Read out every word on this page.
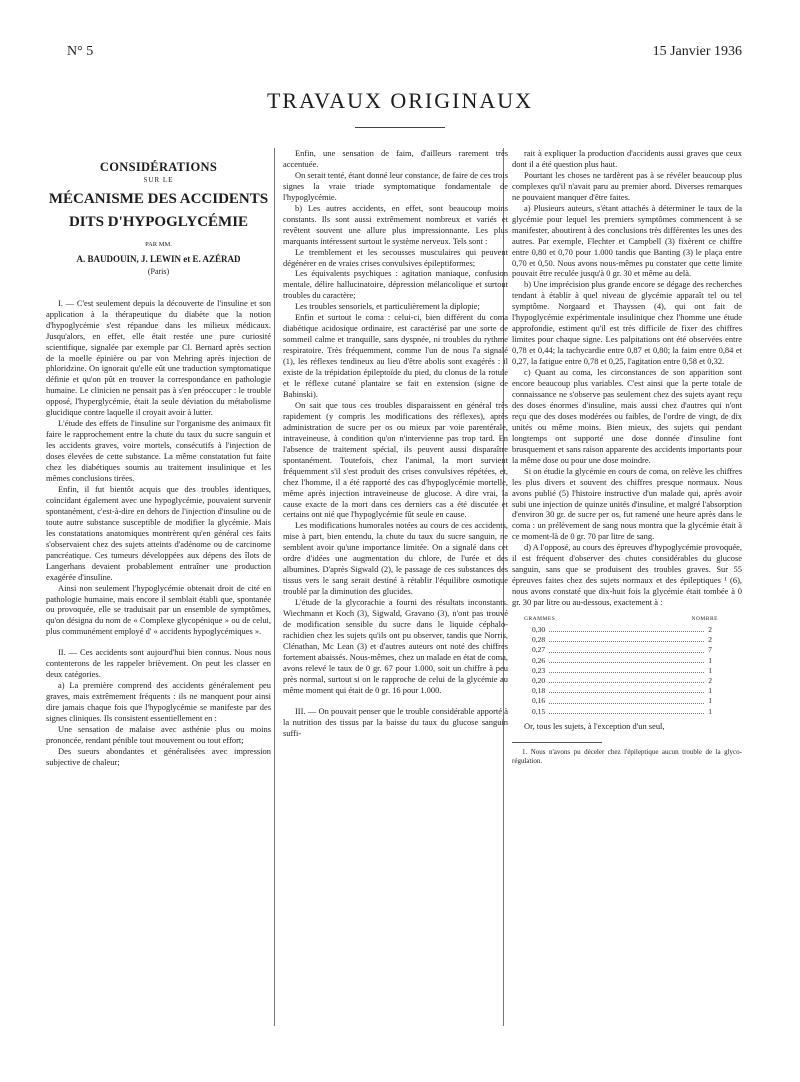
N° 5	15 Janvier 1936
TRAVAUX ORIGINAUX
CONSIDÉRATIONS
SUR LE
MÉCANISME DES ACCIDENTS
DITS D'HYPOGLYCÉMIE
PAR MM.
A. BAUDOUIN, J. LEWIN et E. AZÉRAD
(Paris)

I. — C'est seulement depuis la découverte de l'insuline et son application à la thérapeutique du diabète que la notion d'hypoglycémie s'est répandue dans les milieux médicaux. Jusqu'alors, en effet, elle était restée une pure curiosité scientifique, signalée par exemple par Cl. Bernard après section de la moelle épinière ou par von Mehring après injection de phloridzine. On ignorait qu'elle eût une traduction symptomatique définie et qu'on pût en trouver la correspondance en pathologie humaine. Le clinicien ne pensait pas à s'en préoccuper : le trouble opposé, l'hyperglycémie, était la seule déviation du métabolisme glucidique contre laquelle il croyait avoir à lutter.

L'étude des effets de l'insuline sur l'organisme des animaux fit faire le rapprochement entre la chute du taux du sucre sanguin et les accidents graves, voire mortels, consécutifs à l'injection de doses élevées de cette substance. La même constatation fut faite chez les diabétiques soumis au traitement insulinique et les mêmes conclusions tirées.

Enfin, il fut bientôt acquis que des troubles identiques, coïncidant également avec une hypoglycémie, pouvaient survenir spontanément, c'est-à-dire en dehors de l'injection d'insuline ou de toute autre substance susceptible de modifier la glycémie. Mais les constatations anatomiques montrèrent qu'en général ces faits s'observaient chez des sujets atteints d'adénome ou de carcinome pancréatique. Ces tumeurs développées aux dépens des îlots de Langerhans devaient probablement entraîner une production exagérée d'insuline.

Ainsi non seulement l'hypoglycémie obtenait droit de cité en pathologie humaine, mais encore il semblait établi que, spontanée ou provoquée, elle se traduisait par un ensemble de symptômes, qu'on désigna du nom de « Complexe glycopénique » ou de celui, plus communément employé d' « accidents hypoglycémiques ».

II. — Ces accidents sont aujourd'hui bien connus. Nous nous contenterons de les rappeler brièvement. On peut les classer en deux catégories.

a) La première comprend des accidents généralement peu graves, mais extrêmement fréquents : ils ne manquent pour ainsi dire jamais chaque fois que l'hypoglycémie se manifeste par des signes cliniques. Ils consistent essentiellement en :

Une sensation de malaise avec asthénie plus ou moins prononcée, rendant pénible tout mouvement ou tout effort;

Des sueurs abondantes et généralisées avec impression subjective de chaleur;

Enfin, une sensation de faim, d'ailleurs rarement très accentuée.

On serait tenté, étant donné leur constance, de faire de ces trois signes la vraie triade symptomatique fondamentale de l'hypoglycémie.

b) Les autres accidents, en effet, sont beaucoup moins constants. Ils sont aussi extrêmement nombreux et variés et revêtent souvent une allure plus impressionnante. Les plus marquants intéressent surtout le système nerveux. Tels sont :

Le tremblement et les secousses musculaires qui peuvent dégénérer en de vraies crises convulsives épileptiformes;

Les équivalents psychiques : agitation maniaque, confusion mentale, délire hallucinatoire, dépression mélancolique et surtout troubles du caractère;

Les troubles sensoriels, et particulièrement la diplopie;

Enfin et surtout le coma : celui-ci, bien différent du coma diabétique acidosique ordinaire, est caractérisé par une sorte de sommeil calme et tranquille, sans dyspnée, ni troubles du rythme respiratoire. Très fréquemment, comme l'un de nous l'a signalé (1), les réflexes tendineux au lieu d'être abolis sont exagérés : il existe de la trépidation épileptoïde du pied, du clonus de la rotule et le réflexe cutané plantaire se fait en extension (signe de Babinski).

On sait que tous ces troubles disparaissent en général très rapidement (y compris les modifications des réflexes), après administration de sucre per os ou mieux par voie parentérale, intraveineuse, à condition qu'on n'intervienne pas trop tard. En l'absence de traitement spécial, ils peuvent aussi disparaître spontanément. Toutefois, chez l'animal, la mort survient fréquemment s'il s'est produit des crises convulsives répétées, et, chez l'homme, il a été rapporté des cas d'hypoglycémie mortelle, même après injection intraveineuse de glucose. A dire vrai, la cause exacte de la mort dans ces derniers cas a été discutée et certains ont nié que l'hypoglycémie fût seule en cause.

Les modifications humorales notées au cours de ces accidents, mise à part, bien entendu, la chute du taux du sucre sanguin, ne semblent avoir qu'une importance limitée. On a signalé dans cet ordre d'idées une augmentation du chlore, de l'urée et des albumines. D'après Sigwald (2), le passage de ces substances des tissus vers le sang serait destiné à rétablir l'équilibre osmotique troublé par la diminution des glucides.

L'étude de la glycorachie a fourni des résultats inconstants. Wiechmann et Koch (3), Sigwald, Gravano (3), n'ont pas trouvé de modification sensible du sucre dans le liquide céphalo-rachidien chez les sujets qu'ils ont pu observer, tandis que Norris, Clénathan, Mc Lean (3) et d'autres auteurs ont noté des chiffres fortement abaissés. Nous-mêmes, chez un malade en état de coma, avons relevé le taux de 0 gr. 67 pour 1.000, soit un chiffre à peu près normal, surtout si on le rapproche de celui de la glycémie au même moment qui était de 0 gr. 16 pour 1.000.

III. — On pouvait penser que le trouble considérable apporté à la nutrition des tissus par la baisse du taux du glucose sanguin suffi-

rait à expliquer la production d'accidents aussi graves que ceux dont il a été question plus haut.

Pourtant les choses ne tardèrent pas à se révéler beaucoup plus complexes qu'il n'avait paru au premier abord. Diverses remarques ne pouvaient manquer d'être faites.

a) Plusieurs auteurs, s'étant attachés à déterminer le taux de la glycémie pour lequel les premiers symptômes commencent à se manifester, aboutirent à des conclusions très différentes les unes des autres. Par exemple, Flechter et Campbell (3) fixèrent ce chiffre entre 0,80 et 0,70 pour 1.000 tandis que Banting (3) le plaça entre 0,70 et 0,50. Nous avons nous-mêmes pu constater que cette limite pouvait être reculée jusqu'à 0 gr. 30 et même au delà.

b) Une imprécision plus grande encore se dégage des recherches tendant à établir à quel niveau de glycémie apparaît tel ou tel symptôme. Norgaard et Thayssen (4), qui ont fait de l'hypoglycémie expérimentale insulinique chez l'homme une étude approfondie, estiment qu'il est très difficile de fixer des chiffres limites pour chaque signe. Les palpitations ont été observées entre 0,78 et 0,44; la tachycardie entre 0,87 et 0,80; la faim entre 0,84 et 0,27, la fatigue entre 0,78 et 0,25, l'agitation entre 0,58 et 0,32.

c) Quant au coma, les circonstances de son apparition sont encore beaucoup plus variables. C'est ainsi que la perte totale de connaissance ne s'observe pas seulement chez des sujets ayant reçu des doses énormes d'insuline, mais aussi chez d'autres qui n'ont reçu que des doses modérées ou faibles, de l'ordre de vingt, de dix unités ou même moins. Bien mieux, des sujets qui pendant longtemps ont supporté une dose donnée d'insuline font brusquement et sans raison apparente des accidents importants pour la même dose ou pour une dose moindre.

Si on étudie la glycémie en cours de coma, on relève les chiffres les plus divers et souvent des chiffres presque normaux. Nous avons publié (5) l'histoire instructive d'un malade qui, après avoir subi une injection de quinze unités d'insuline, et malgré l'absorption d'environ 30 gr. de sucre per os, fut ramené une heure après dans le coma : un prélèvement de sang nous montra que la glycémie était à ce moment-là de 0 gr. 70 par litre de sang.

d) A l'opposé, au cours des épreuves d'hypoglycémie provoquée, il est fréquent d'observer des chutes considérables du glucose sanguin, sans que se produisent des troubles graves. Sur 55 épreuves faites chez des sujets normaux et des épileptiques ¹ (6), nous avons constaté que dix-huit fois la glycémie était tombée à 0 gr. 30 par litre ou au-dessous, exactement à :

GRAMMES	NOMBRE
0,30	2
0,28	2
0,27	7
0,26	1
0,23	1
0,20	2
0,18	1
0,16	1
0,15	1

Or, tous les sujets, à l'exception d'un seul,

1. Nous n'avons pu déceler chez l'épileptique aucun trouble de la glyco-régulation.
